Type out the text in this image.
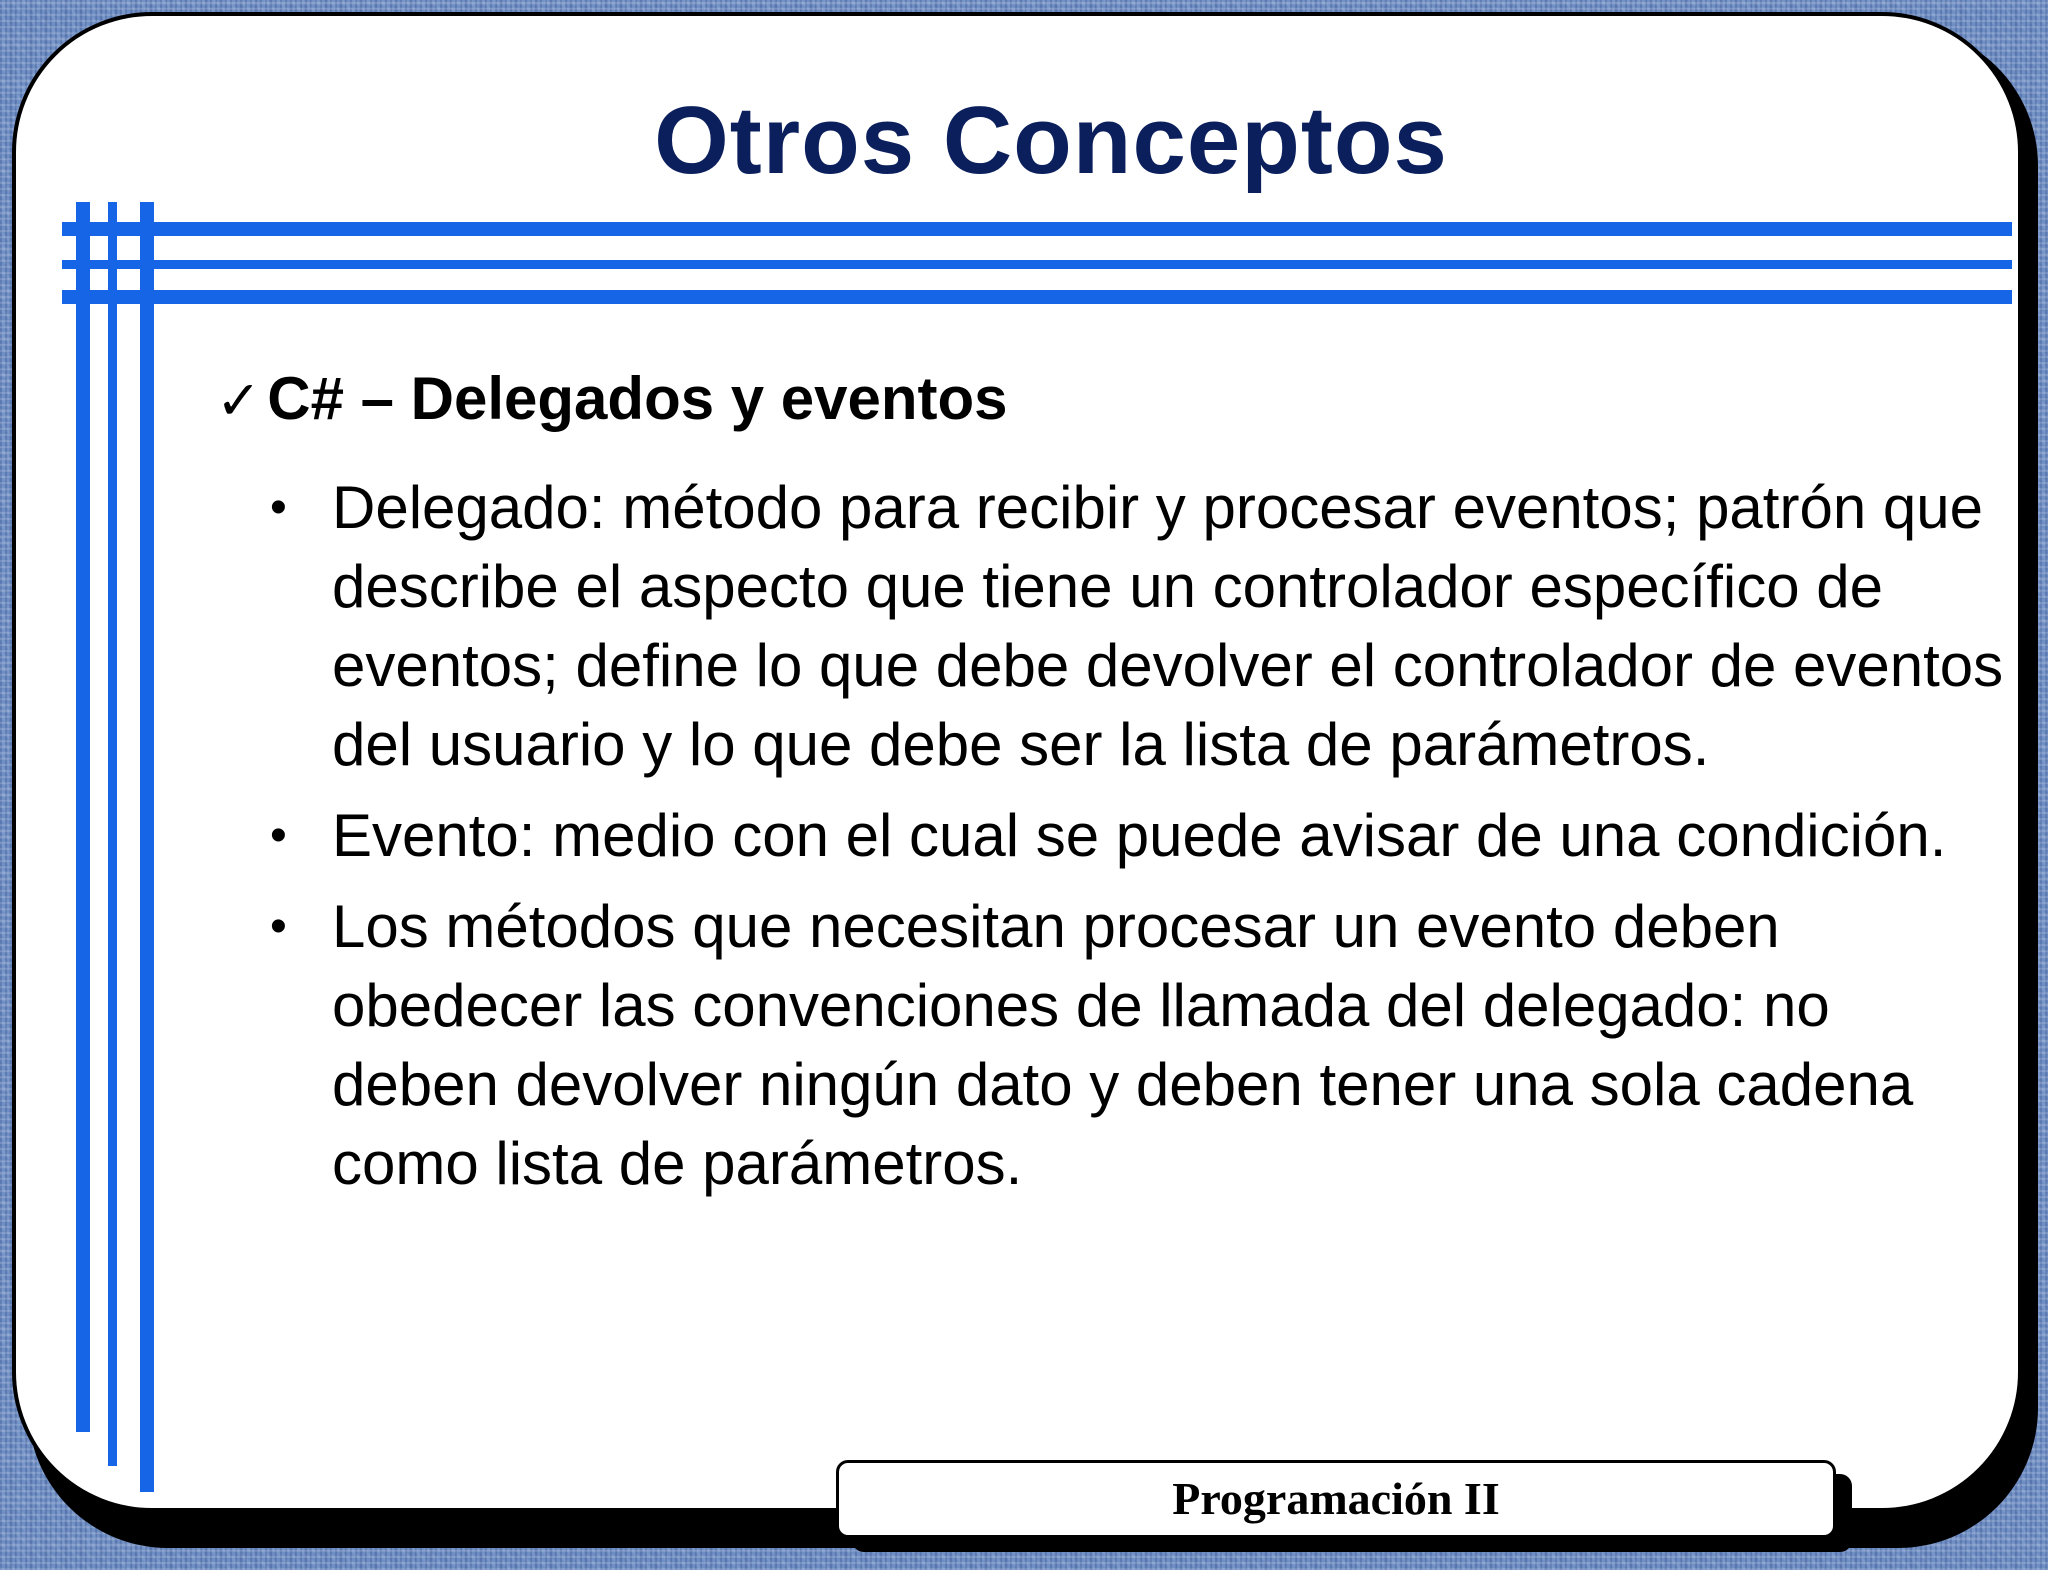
Otros Conceptos
✓ C# – Delegados y eventos
• Delegado: método para recibir y procesar eventos; patrón que describe el aspecto que tiene un controlador específico de eventos; define lo que debe devolver el controlador de eventos del usuario y lo que debe ser la lista de parámetros.
• Evento: medio con el cual se puede avisar de una condición.
• Los métodos que necesitan procesar un evento deben obedecer las convenciones de llamada del delegado: no deben devolver ningún dato y deben tener una sola cadena como lista de parámetros.
Programación II
